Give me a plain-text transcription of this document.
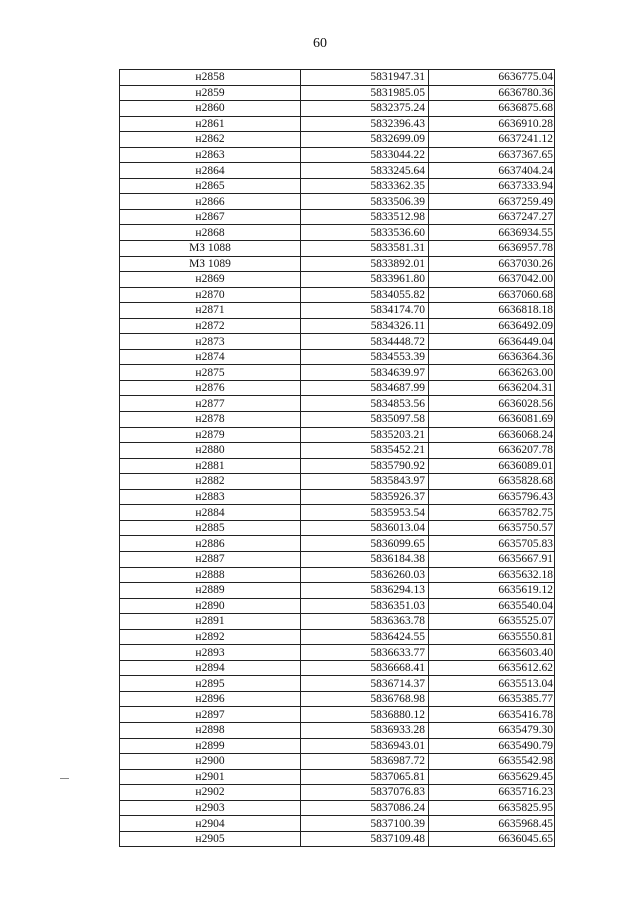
60
н2858	5831947.31	6636775.04
н2859	5831985.05	6636780.36
н2860	5832375.24	6636875.68
н2861	5832396.43	6636910.28
н2862	5832699.09	6637241.12
н2863	5833044.22	6637367.65
н2864	5833245.64	6637404.24
н2865	5833362.35	6637333.94
н2866	5833506.39	6637259.49
н2867	5833512.98	6637247.27
н2868	5833536.60	6636934.55
МЗ 1088	5833581.31	6636957.78
МЗ 1089	5833892.01	6637030.26
н2869	5833961.80	6637042.00
н2870	5834055.82	6637060.68
н2871	5834174.70	6636818.18
н2872	5834326.11	6636492.09
н2873	5834448.72	6636449.04
н2874	5834553.39	6636364.36
н2875	5834639.97	6636263.00
н2876	5834687.99	6636204.31
н2877	5834853.56	6636028.56
н2878	5835097.58	6636081.69
н2879	5835203.21	6636068.24
н2880	5835452.21	6636207.78
н2881	5835790.92	6636089.01
н2882	5835843.97	6635828.68
н2883	5835926.37	6635796.43
н2884	5835953.54	6635782.75
н2885	5836013.04	6635750.57
н2886	5836099.65	6635705.83
н2887	5836184.38	6635667.91
н2888	5836260.03	6635632.18
н2889	5836294.13	6635619.12
н2890	5836351.03	6635540.04
н2891	5836363.78	6635525.07
н2892	5836424.55	6635550.81
н2893	5836633.77	6635603.40
н2894	5836668.41	6635612.62
н2895	5836714.37	6635513.04
н2896	5836768.98	6635385.77
н2897	5836880.12	6635416.78
н2898	5836933.28	6635479.30
н2899	5836943.01	6635490.79
н2900	5836987.72	6635542.98
н2901	5837065.81	6635629.45
н2902	5837076.83	6635716.23
н2903	5837086.24	6635825.95
н2904	5837100.39	6635968.45
н2905	5837109.48	6636045.65
